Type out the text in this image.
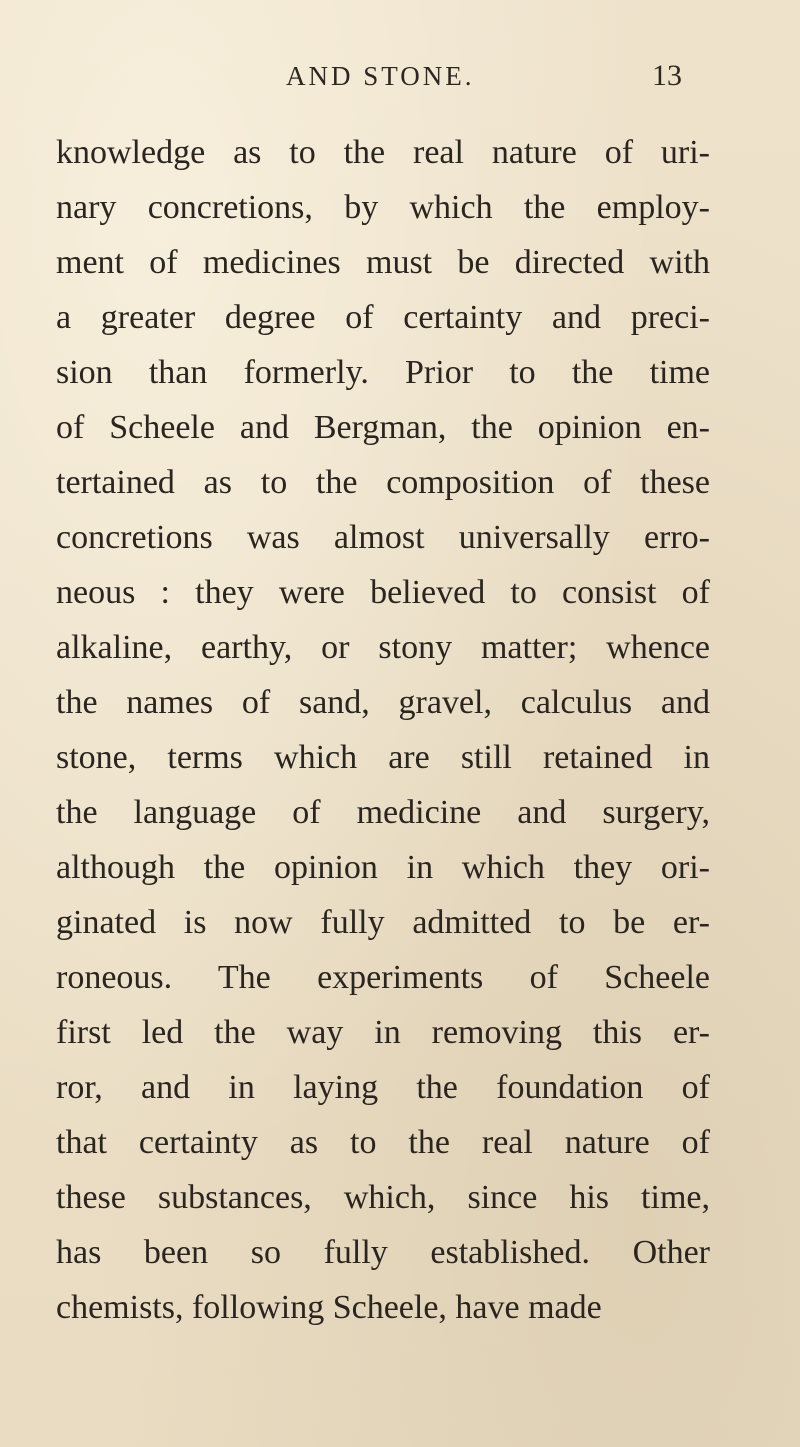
AND STONE.	13
knowledge as to the real nature of uri-
nary concretions, by which the employ-
ment of medicines must be directed with
a greater degree of certainty and preci-
sion than formerly. Prior to the time
of Scheele and Bergman, the opinion en-
tertained as to the composition of these
concretions was almost universally erro-
neous : they were believed to consist of
alkaline, earthy, or stony matter; whence
the names of sand, gravel, calculus and
stone, terms which are still retained in
the language of medicine and surgery,
although the opinion in which they ori-
ginated is now fully admitted to be er-
roneous. The experiments of Scheele
first led the way in removing this er-
ror, and in laying the foundation of
that certainty as to the real nature of
these substances, which, since his time,
has been so fully established. Other
chemists, following Scheele, have made
